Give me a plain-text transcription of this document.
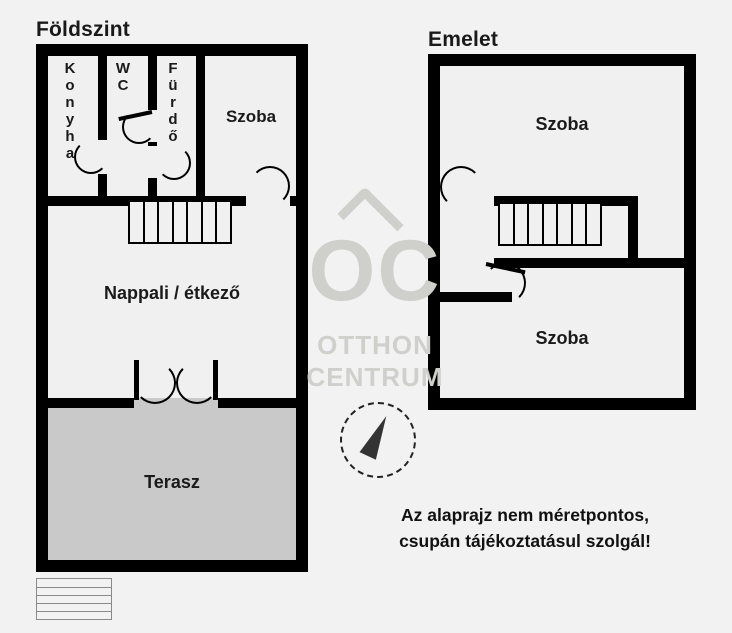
Földszint
K
o
n
y
h
a
W
C
F
ü
r
d
ő
Szoba
Nappali / étkező
Terasz
Emelet
Szoba
Szoba
OC
OTTHON
CENTRUM
Az alaprajz nem méretpontos,
csupán tájékoztatásul szolgál!
